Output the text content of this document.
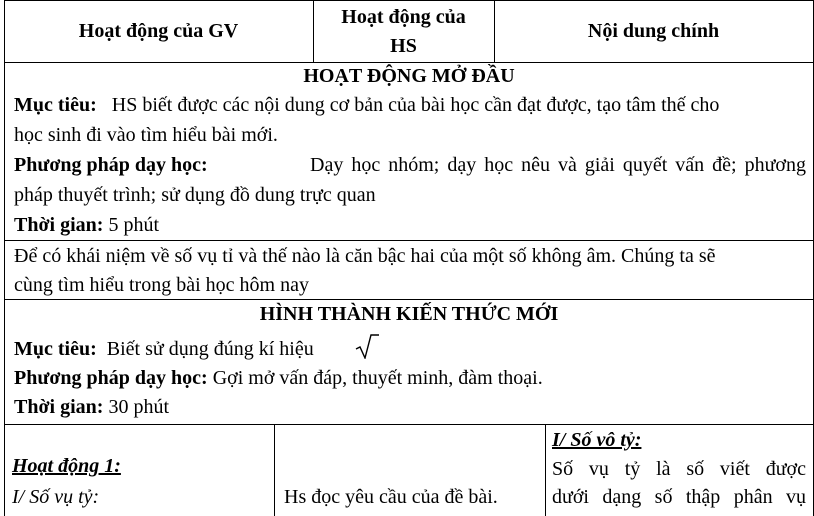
Hoạt động của GV
Hoạt động của
HS
Nội dung chính
HOẠT ĐỘNG MỞ ĐẦU
Mục tiêu: HS biết được các nội dung cơ bản của bài học cần đạt được, tạo tâm thế cho
học sinh đi vào tìm hiểu bài mới.
Phương pháp dạy học:	Dạy học nhóm; dạy học nêu và giải quyết vấn đề; phương
pháp thuyết trình; sử dụng đồ dung trực quan
Thời gian: 5 phút
Để có khái niệm về số vụ tỉ và thế nào là căn bậc hai của một số không âm. Chúng ta sẽ
cùng tìm hiểu trong bài học hôm nay
HÌNH THÀNH KIẾN THỨC MỚI
Mục tiêu: Biết sử dụng đúng kí hiệu
Phương pháp dạy học: Gợi mở vấn đáp, thuyết minh, đàm thoại.
Thời gian: 30 phút
Hoạt động 1:
I/ Số vụ tỷ:	Hs đọc yêu cầu của đề bài.
I/ Số vô tỷ:
Số vụ tỷ là số viết được
dưới dạng số thập phân vụ
